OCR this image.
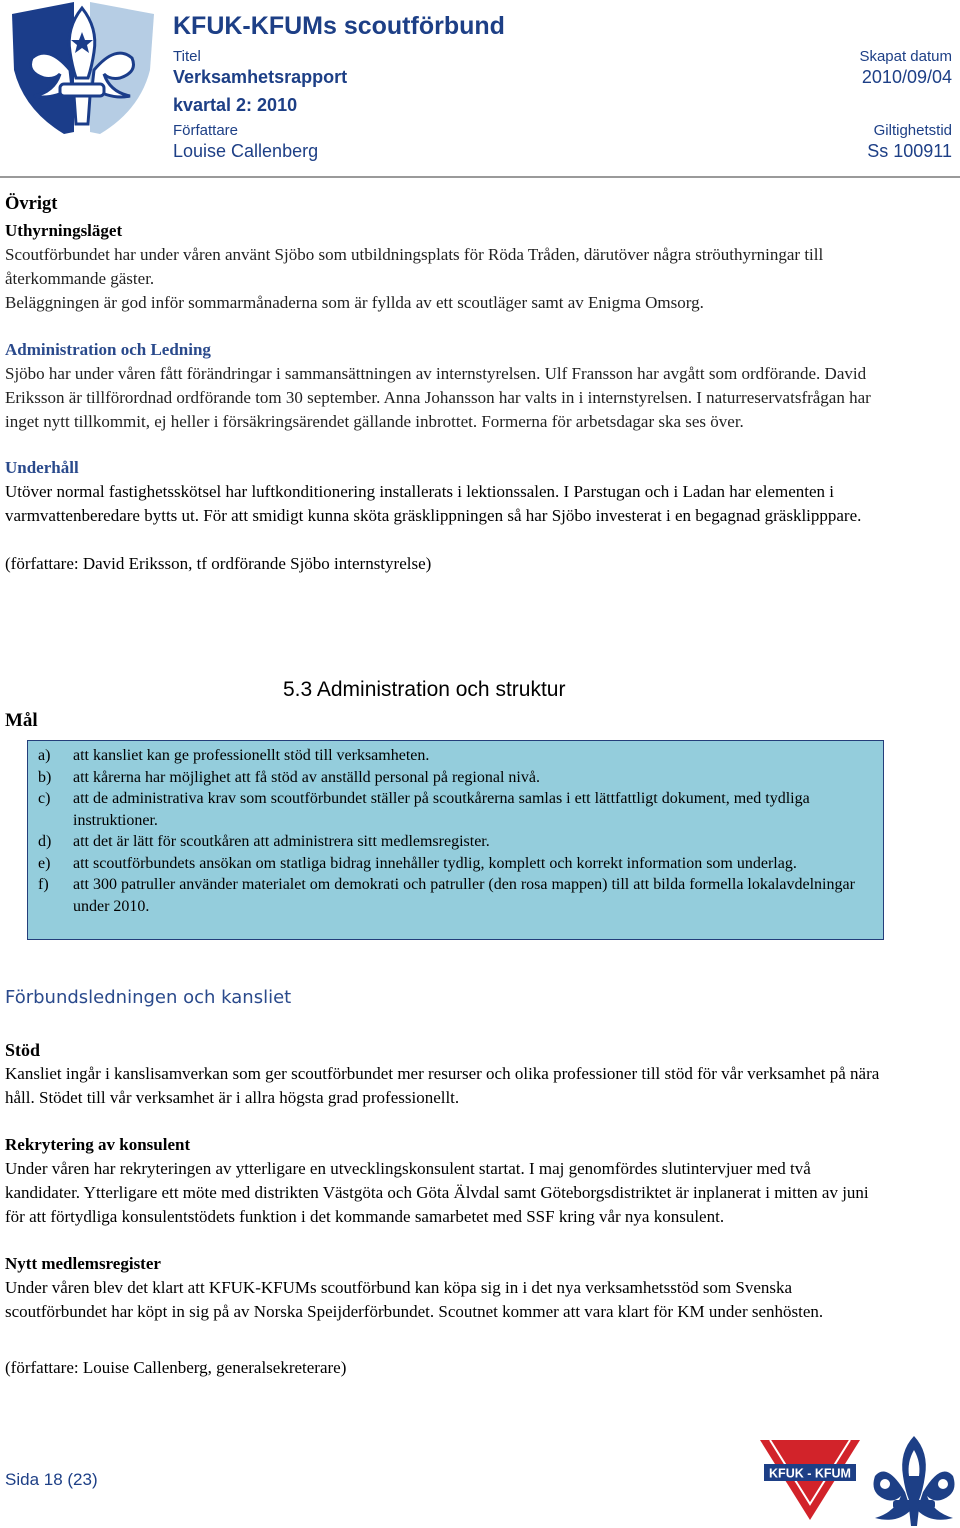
KFUK-KFUMs scoutförbund
Titel
Verksamhetsrapport
kvartal 2: 2010
Skapat datum
2010/09/04
Författare
Louise Callenberg
Giltighetstid
Ss 100911
Övrigt
Uthyrningsläget

Scoutförbundet har under våren använt Sjöbo som utbildningsplats för Röda Tråden, därutöver några ströuthyrningar till återkommande gäster.

Beläggningen är god inför sommarmånaderna som är fyllda av ett scoutläger samt av Enigma Omsorg.

Administration och Ledning

Sjöbo har under våren fått förändringar i sammansättningen av internstyrelsen. Ulf Fransson har avgått som ordförande. David Eriksson är tillförordnad ordförande tom 30 september. Anna Johansson har valts in i internstyrelsen. I naturreservatsfrågan har inget nytt tillkommit, ej heller i försäkringsärendet gällande inbrottet. Formerna för arbetsdagar ska ses över.

Underhåll

Utöver normal fastighetsskötsel har luftkonditionering installerats i lektionssalen. I Parstugan och i Ladan har elementen i varmvattenberedare bytts ut. För att smidigt kunna sköta gräsklippningen så har Sjöbo investerat i en begagnad gräsklipppare.

(författare: David Eriksson, tf ordförande Sjöbo internstyrelse)

5.3 Administration och struktur
Mål
a)	att kansliet kan ge professionellt stöd till verksamheten.
b)	att kårerna har möjlighet att få stöd av anställd personal på regional nivå.
c)	att de administrativa krav som scoutförbundet ställer på scoutkårerna samlas i ett lättfattligt dokument, med tydliga instruktioner.
d)	att det är lätt för scoutkåren att administrera sitt medlemsregister.
e)	att scoutförbundets ansökan om statliga bidrag innehåller tydlig, komplett och korrekt information som underlag.
f)	att 300 patruller använder materialet om demokrati och patruller (den rosa mappen) till att bilda formella lokalavdelningar under 2010.
Förbundsledningen och kansliet
Stöd

Kansliet ingår i kanslisamverkan som ger scoutförbundet mer resurser och olika professioner till stöd för vår verksamhet på nära håll. Stödet till vår verksamhet är i allra högsta grad professionellt.

Rekrytering av konsulent

Under våren har rekryteringen av ytterligare en utvecklingskonsulent startat. I maj genomfördes slutintervjuer med två kandidater. Ytterligare ett möte med distrikten Västgöta och Göta Älvdal samt Göteborgsdistriktet är inplanerat i mitten av juni för att förtydliga konsulentstödets funktion i det kommande samarbetet med SSF kring vår nya konsulent.

Nytt medlemsregister

Under våren blev det klart att KFUK-KFUMs scoutförbund kan köpa sig in i det nya verksamhetsstöd som Svenska scoutförbundet har köpt in sig på av Norska Speijderförbundet. Scoutnet kommer att vara klart för KM under senhösten.

(författare: Louise Callenberg, generalsekreterare)

Sida 18 (23)	KFUK - KFUM
